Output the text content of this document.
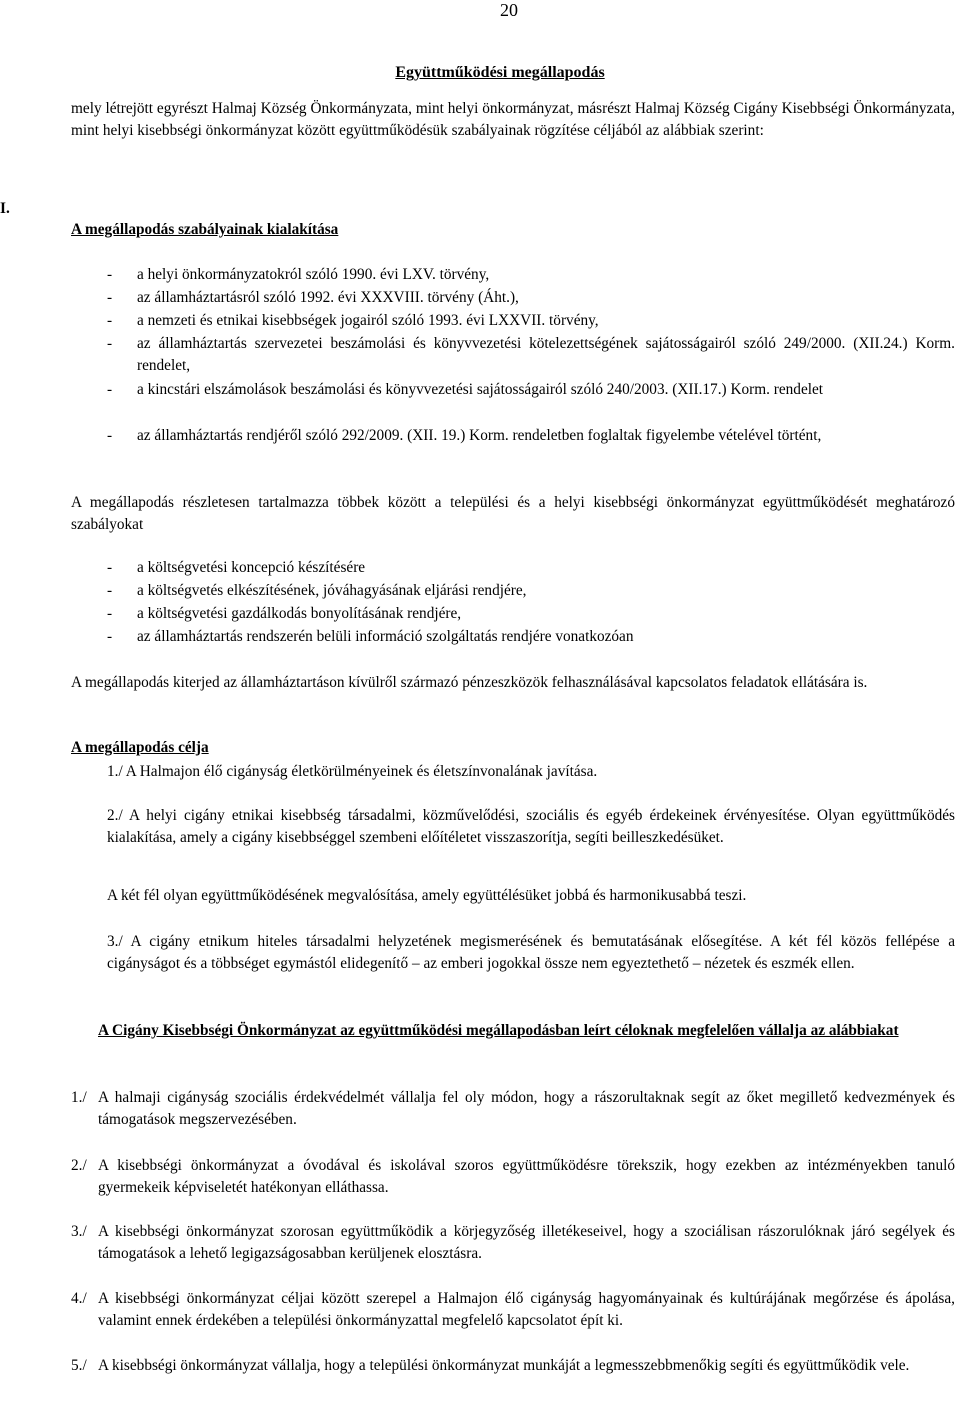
20
Együttműködési megállapodás

mely létrejött egyrészt Halmaj Község Önkormányzata, mint helyi önkormányzat, másrészt Halmaj Község Cigány Kisebbségi Önkormányzata, mint helyi kisebbségi önkormányzat között együttműködésük szabályainak rögzítése céljából az alábbiak szerint:

I.
A megállapodás szabályainak kialakítása
- a helyi önkormányzatokról szóló 1990. évi LXV. törvény,
- az államháztartásról szóló 1992. évi XXXVIII. törvény (Áht.),
- a nemzeti és etnikai kisebbségek jogairól szóló 1993. évi LXXVII. törvény,
- az államháztartás szervezetei beszámolási és könyvvezetési kötelezettségének sajátosságairól szóló 249/2000. (XII.24.) Korm. rendelet,
- a kincstári elszámolások beszámolási és könyvvezetési sajátosságairól szóló 240/2003. (XII.17.) Korm. rendelet
- az államháztartás rendjéről szóló 292/2009. (XII. 19.) Korm. rendeletben foglaltak figyelembe vételével történt,

A megállapodás részletesen tartalmazza többek között a települési és a helyi kisebbségi önkormányzat együttműködését meghatározó szabályokat

- a költségvetési koncepció készítésére
- a költségvetés elkészítésének, jóváhagyásának eljárási rendjére,
- a költségvetési gazdálkodás bonyolításának rendjére,
- az államháztartás rendszerén belüli információ szolgáltatás rendjére vonatkozóan

A megállapodás kiterjed az államháztartáson kívülről származó pénzeszközök felhasználásával kapcsolatos feladatok ellátására is.

A megállapodás célja

1./ A Halmajon élő cigányság életkörülményeinek és életszínvonalának javítása.

2./ A helyi cigány etnikai kisebbség társadalmi, közművelődési, szociális és egyéb érdekeinek érvényesítése. Olyan együttműködés kialakítása, amely a cigány kisebbséggel szembeni előítéletet visszaszorítja, segíti beilleszkedésüket.

A két fél olyan együttműködésének megvalósítása, amely együttélésüket jobbá és harmonikusabbá teszi.

3./ A cigány etnikum hiteles társadalmi helyzetének megismerésének és bemutatásának elősegítése. A két fél közös fellépése a cigányságot és a többséget egymástól elidegenítő – az emberi jogokkal össze nem egyeztethető – nézetek és eszmék ellen.

A Cigány Kisebbségi Önkormányzat az együttműködési megállapodásban leírt céloknak megfelelően vállalja az alábbiakat

1./ A halmaji cigányság szociális érdekvédelmét vállalja fel oly módon, hogy a rászorultaknak segít az őket megillető kedvezmények és támogatások megszervezésében.
2./ A kisebbségi önkormányzat a óvodával és iskolával szoros együttműködésre törekszik, hogy ezekben az intézményekben tanuló gyermekeik képviseletét hatékonyan elláthassa.
3./ A kisebbségi önkormányzat szorosan együttműködik a körjegyzőség illetékeseivel, hogy a szociálisan rászorulóknak járó segélyek és támogatások a lehető legigazságosabban kerüljenek elosztásra.
4./ A kisebbségi önkormányzat céljai között szerepel a Halmajon élő cigányság hagyományainak és kultúrájának megőrzése és ápolása, valamint ennek érdekében a települési önkormányzattal megfelelő kapcsolatot épít ki.
5./ A kisebbségi önkormányzat vállalja, hogy a települési önkormányzat munkáját a legmesszebbmenőkig segíti és együttműködik vele.
